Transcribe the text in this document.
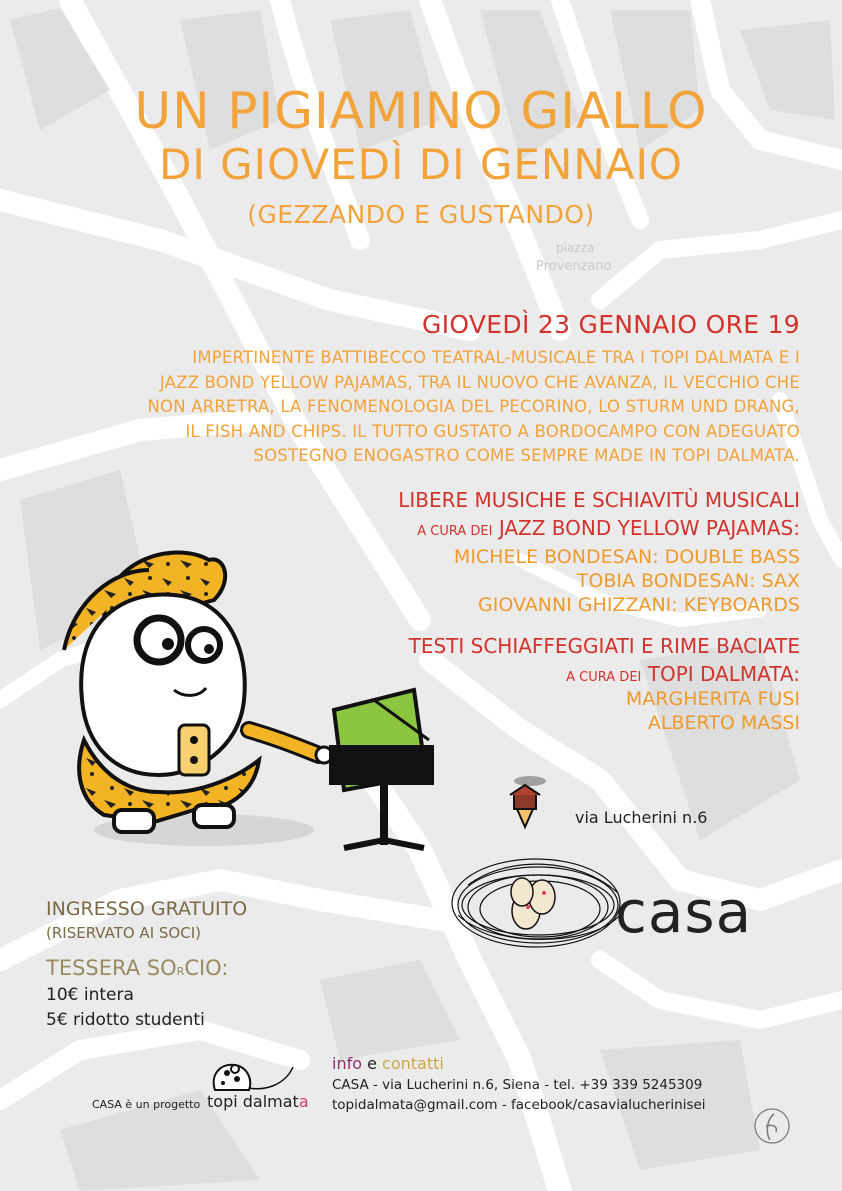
UN PIGIAMINO GIALLO
DI GIOVEDÌ DI GENNAIO
(GEZZANDO E GUSTANDO)
piazza
Provenzano
GIOVEDÌ 23 GENNAIO ORE 19
IMPERTINENTE BATTIBECCO TEATRAL-MUSICALE TRA I TOPI DALMATA E I
JAZZ BOND YELLOW PAJAMAS, TRA IL NUOVO CHE AVANZA, IL VECCHIO CHE
NON ARRETRA, LA FENOMENOLOGIA DEL PECORINO, LO STURM UND DRANG,
IL FISH AND CHIPS. IL TUTTO GUSTATO A BORDOCAMPO CON ADEGUATO
SOSTEGNO ENOGASTRO COME SEMPRE MADE IN TOPI DALMATA.
LIBERE MUSICHE E SCHIAVITÙ MUSICALI
A CURA DEI JAZZ BOND YELLOW PAJAMAS:
MICHELE BONDESAN: DOUBLE BASS
TOBIA BONDESAN: SAX
GIOVANNI GHIZZANI: KEYBOARDS
TESTI SCHIAFFEGGIATI E RIME BACIATE
A CURA DEI TOPI DALMATA:
MARGHERITA FUSI
ALBERTO MASSI
via Lucherini n.6
casa
INGRESSO GRATUITO
(RISERVATO AI SOCI)
TESSERA SORCIO:
10€ intera
5€ ridotto studenti
CASA è un progetto topi dalmata
info e contatti
CASA - via Lucherini n.6, Siena - tel. +39 339 5245309
topidalmata@gmail.com - facebook/casavialucherinisei
